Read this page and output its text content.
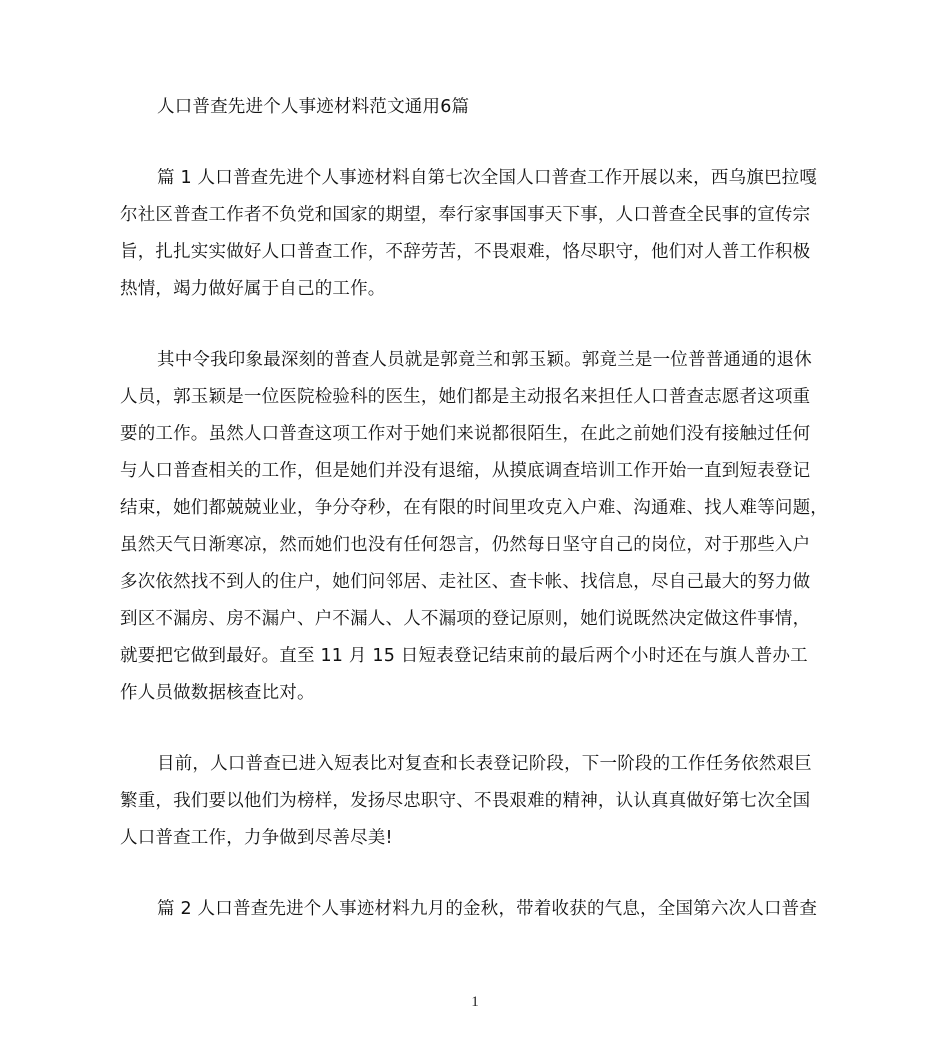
人口普查先进个人事迹材料范文通用6篇
篇 1 人口普查先进个人事迹材料自第七次全国人口普查工作开展以来，西乌旗巴拉嘎
尔社区普查工作者不负党和国家的期望，奉行家事国事天下事，人口普查全民事的宣传宗
旨，扎扎实实做好人口普查工作，不辞劳苦，不畏艰难，恪尽职守，他们对人普工作积极
热情，竭力做好属于自己的工作。
其中令我印象最深刻的普查人员就是郭竟兰和郭玉颖。郭竟兰是一位普普通通的退休
人员，郭玉颖是一位医院检验科的医生，她们都是主动报名来担任人口普查志愿者这项重
要的工作。虽然人口普查这项工作对于她们来说都很陌生，在此之前她们没有接触过任何
与人口普查相关的工作，但是她们并没有退缩，从摸底调查培训工作开始一直到短表登记
结束，她们都兢兢业业，争分夺秒，在有限的时间里攻克入户难、沟通难、找人难等问题，
虽然天气日渐寒凉，然而她们也没有任何怨言，仍然每日坚守自己的岗位，对于那些入户
多次依然找不到人的住户，她们问邻居、走社区、查卡帐、找信息，尽自己最大的努力做
到区不漏房、房不漏户、户不漏人、人不漏项的登记原则，她们说既然决定做这件事情，
就要把它做到最好。直至 11 月 15 日短表登记结束前的最后两个小时还在与旗人普办工
作人员做数据核查比对。
目前，人口普查已进入短表比对复查和长表登记阶段，下一阶段的工作任务依然艰巨
繁重，我们要以他们为榜样，发扬尽忠职守、不畏艰难的精神，认认真真做好第七次全国
人口普查工作，力争做到尽善尽美!
篇 2 人口普查先进个人事迹材料九月的金秋，带着收获的气息，全国第六次人口普查
1
